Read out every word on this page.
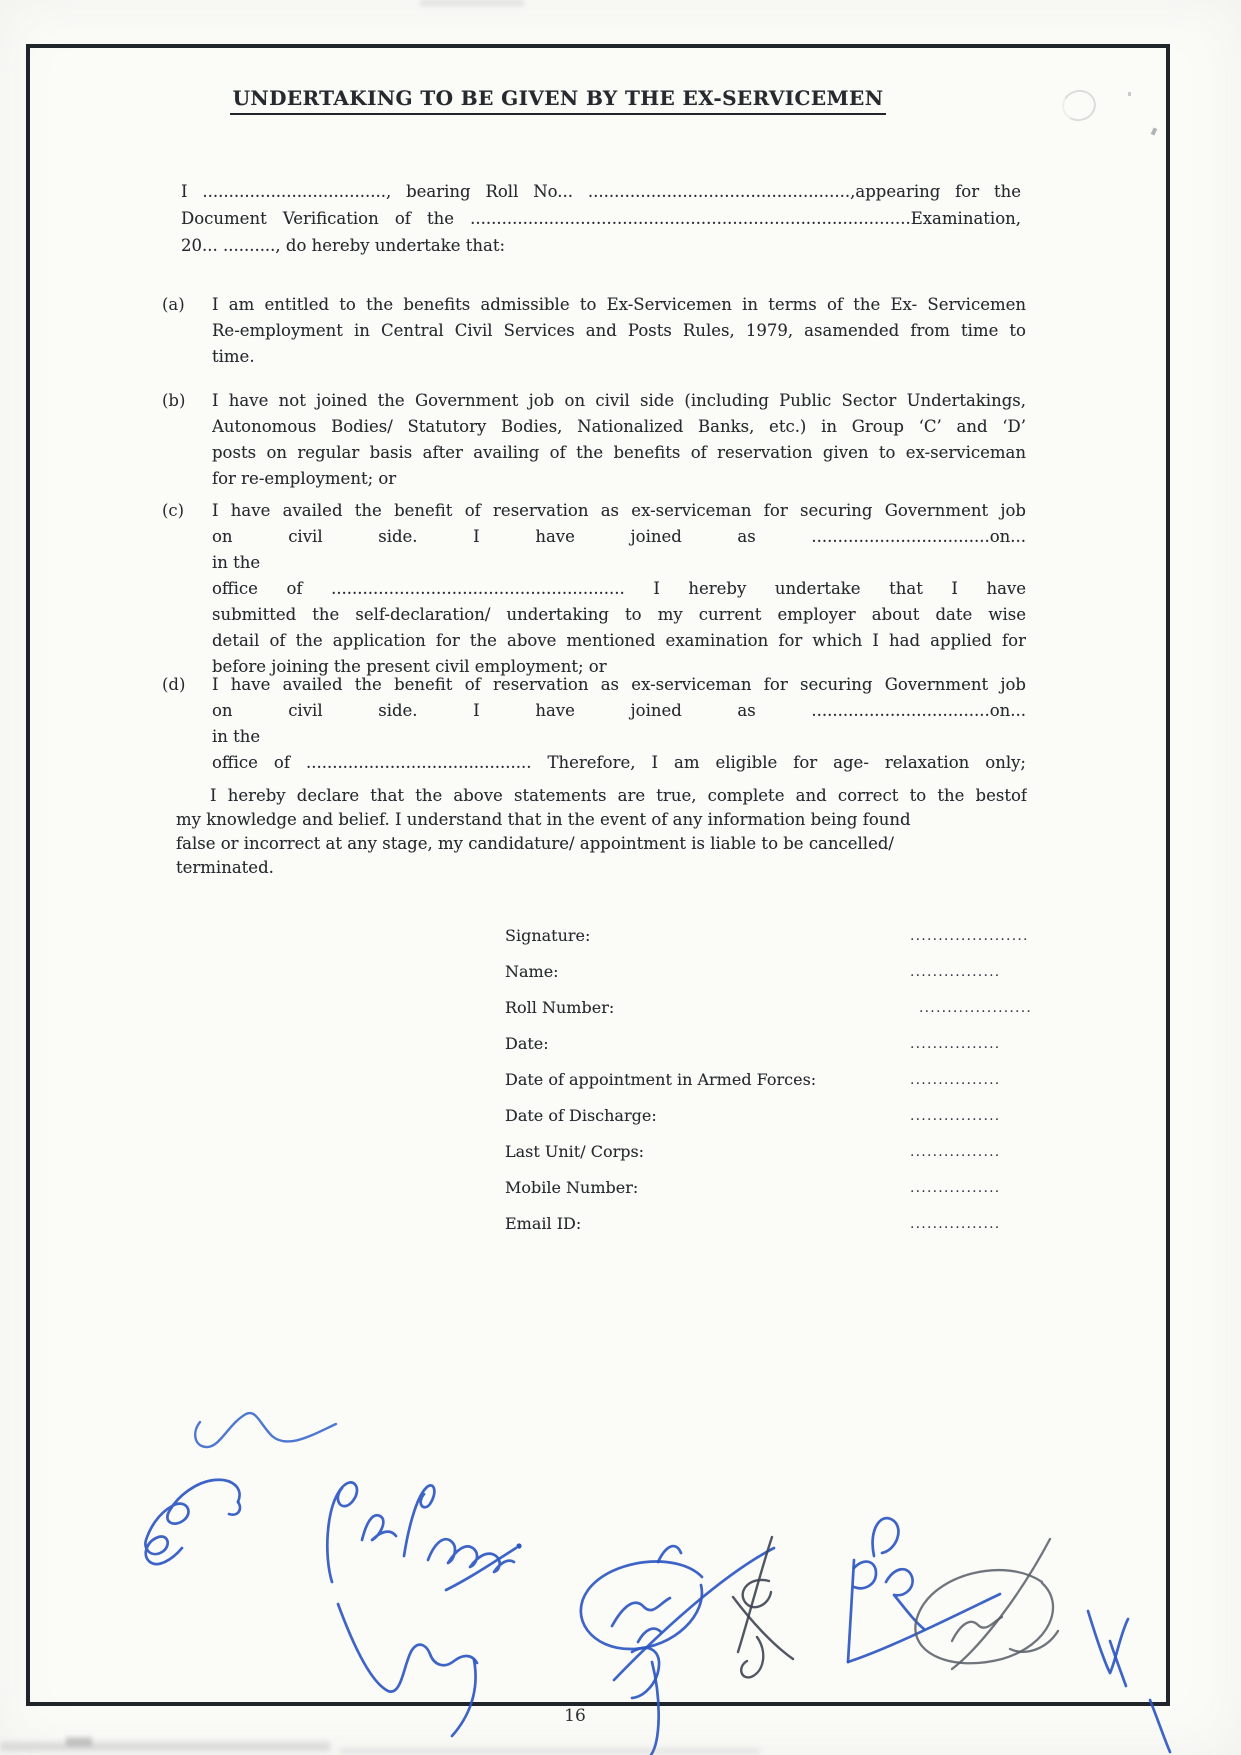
UNDERTAKING TO BE GIVEN BY THE EX-SERVICEMEN
I ..................................., bearing Roll No... ..................................................,appearing for the
Document Verification of the ....................................................................................Examination,
20... .........., do hereby undertake that:
(a) I am entitled to the benefits admissible to Ex-Servicemen in terms of the Ex- Servicemen
Re-employment in Central Civil Services and Posts Rules, 1979, asamended from time to
time.
(b) I have not joined the Government job on civil side (including Public Sector Undertakings,
Autonomous Bodies/ Statutory Bodies, Nationalized Banks, etc.) in Group ‘C’ and ‘D’
posts on regular basis after availing of the benefits of reservation given to ex-serviceman
for re-employment; or
(c) I have availed the benefit of reservation as ex-serviceman for securing Government job
on civil side. I have joined as ..................................on...
in the
office of ........................................................ I hereby undertake that I have
submitted the self-declaration/ undertaking to my current employer about date wise
detail of the application for the above mentioned examination for which I had applied for
before joining the present civil employment; or
(d) I have availed the benefit of reservation as ex-serviceman for securing Government job
on civil side. I have joined as ..................................on...
in the
office of ........................................... Therefore, I am eligible for age- relaxation only;
I hereby declare that the above statements are true, complete and correct to the bestof
my knowledge and belief. I understand that in the event of any information being found
false or incorrect at any stage, my candidature/ appointment is liable to be cancelled/
terminated.
Signature:	.....................
Name:	................
Roll Number:	....................
Date:	................
Date of appointment in Armed Forces:	................
Date of Discharge:	................
Last Unit/ Corps:	................
Mobile Number:	................
Email ID:	................
16
